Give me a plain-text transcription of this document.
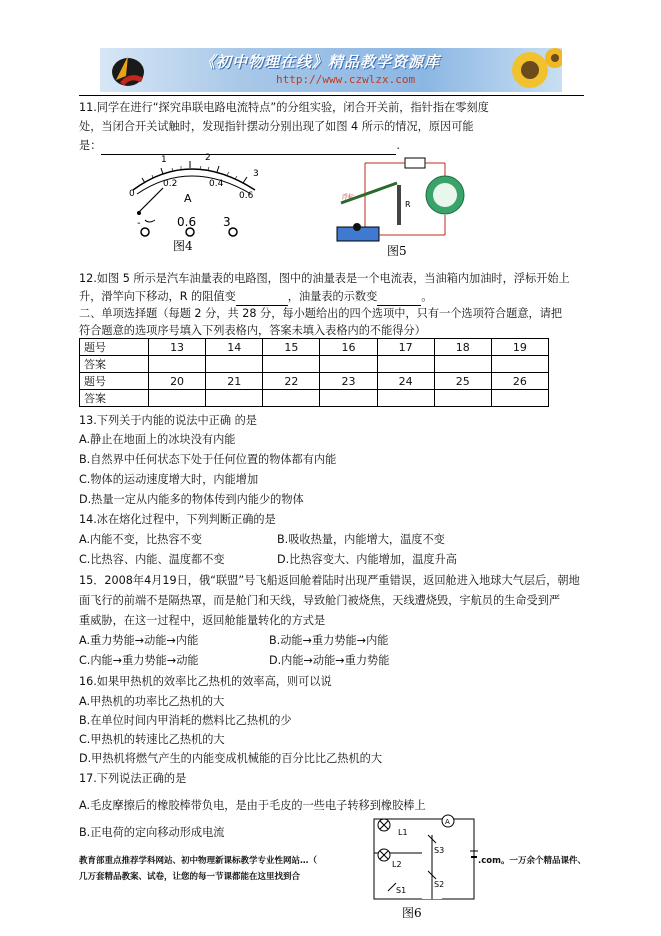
《初中物理在线》精品教学资源库
http://www.czwlzx.com
11.同学在进行“探究串联电路电流特点”的分组实验，闭合开关前，指针指在零刻度
处，当闭合开关试触时，发现指针摆动分别出现了如图 4 所示的情况，原因可能
是：	.
1	2
3
0
0.2	0.4
0.6
A
-	0.6 3
图4
R
浮标
图5
12.如图 5 所示是汽车油量表的电路图，图中的油量表是一个电流表，当油箱内加油时，浮标开始上
升，滑竿向下移动，R 的阻值变	，油量表的示数变	。
二、单项选择题（每题 2 分，共 28 分，每小题给出的四个选项中，只有一个选项符合题意，请把
符合题意的选项序号填入下列表格内，答案未填入表格内的不能得分）
题号	13	14	15	16	17	18	19
答案							
题号	20	21	22	23	24	25	26
答案							
13.下列关于内能的说法中正确 的是
A.静止在地面上的冰块没有内能
B.自然界中任何状态下处于任何位置的物体都有内能
C.物体的运动速度增大时，内能增加
D.热量一定从内能多的物体传到内能少的物体
14.冰在熔化过程中，下列判断正确的是
A.内能不变，比热容不变	B.吸收热量，内能增大，温度不变
C.比热容、内能、温度都不变	D.比热容变大、内能增加，温度升高
15．2008年4月19日，俄“联盟”号飞船返回舱着陆时出现严重错误，返回舱进入地球大气层后，朝地
面飞行的前端不是隔热罩，而是舱门和天线，导致舱门被烧焦，天线遭烧毁，宇航员的生命受到严
重威胁，在这一过程中，返回舱能量转化的方式是
A.重力势能→动能→内能	B.动能→重力势能→内能
C.内能→重力势能→动能	D.内能→动能→重力势能
16.如果甲热机的效率比乙热机的效率高，则可以说
A.甲热机的功率比乙热机的大
B.在单位时间内甲消耗的燃料比乙热机的少
C.甲热机的转速比乙热机的大
D.甲热机将燃气产生的内能变成机械能的百分比比乙热机的大
17.下列说法正确的是
A.毛皮摩擦后的橡胶棒带负电，是由于毛皮的一些电子转移到橡胶棒上
B.正电荷的定向移动形成电流
教育部重点推荐学科网站、初中物理新课标教学专业性网站…（	.com。一万余个精品课件、
几万套精品教案、试卷，让您的每一节课都能在这里找到合
L1
L2
A
S3
S2
S1
图6
